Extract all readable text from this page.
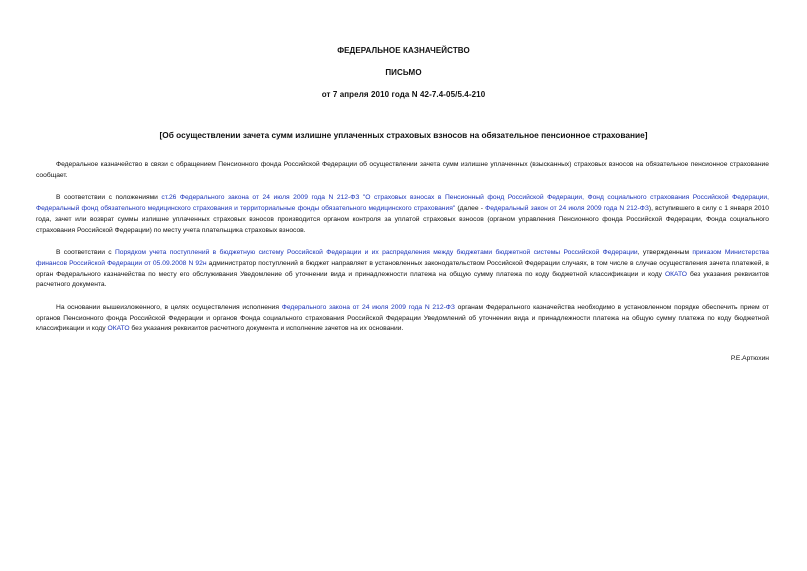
ФЕДЕРАЛЬНОЕ КАЗНАЧЕЙСТВО
ПИСЬМО
от 7 апреля 2010 года N 42-7.4-05/5.4-210
[Об осуществлении зачета сумм излишне уплаченных страховых взносов на обязательное пенсионное страхование]

Федеральное казначейство в связи с обращением Пенсионного фонда Российской Федерации об осуществлении зачета сумм излишне уплаченных (взысканных) страховых взносов на обязательное пенсионное страхование сообщает.

В соответствии с положениями ст.26 Федерального закона от 24 июля 2009 года N 212-ФЗ "О страховых взносах в Пенсионный фонд Российской Федерации, Фонд социального страхования Российской Федерации, Федеральный фонд обязательного медицинского страхования и территориальные фонды обязательного медицинского страхования" (далее - Федеральный закон от 24 июля 2009 года N 212-ФЗ), вступившего в силу с 1 января 2010 года, зачет или возврат суммы излишне уплаченных страховых взносов производится органом контроля за уплатой страховых взносов (органом управления Пенсионного фонда Российской Федерации, Фонда социального страхования Российской Федерации) по месту учета плательщика страховых взносов.

В соответствии с Порядком учета поступлений в бюджетную систему Российской Федерации и их распределения между бюджетами бюджетной системы Российской Федерации, утвержденным приказом Министерства финансов Российской Федерации от 05.09.2008 N 92н администратор поступлений в бюджет направляет в установленных законодательством Российской Федерации случаях, в том числе в случае осуществления зачета платежей, в орган Федерального казначейства по месту его обслуживания Уведомление об уточнении вида и принадлежности платежа на общую сумму платежа по коду бюджетной классификации и коду ОКАТО без указания реквизитов расчетного документа.

На основании вышеизложенного, в целях осуществления исполнения Федерального закона от 24 июля 2009 года N 212-ФЗ органам Федерального казначейства необходимо в установленном порядке обеспечить прием от органов Пенсионного фонда Российской Федерации и органов Фонда социального страхования Российской Федерации Уведомлений об уточнении вида и принадлежности платежа на общую сумму платежа по коду бюджетной классификации и коду ОКАТО без указания реквизитов расчетного документа и исполнение зачетов на их основании.

Р.Е.Артюхин
